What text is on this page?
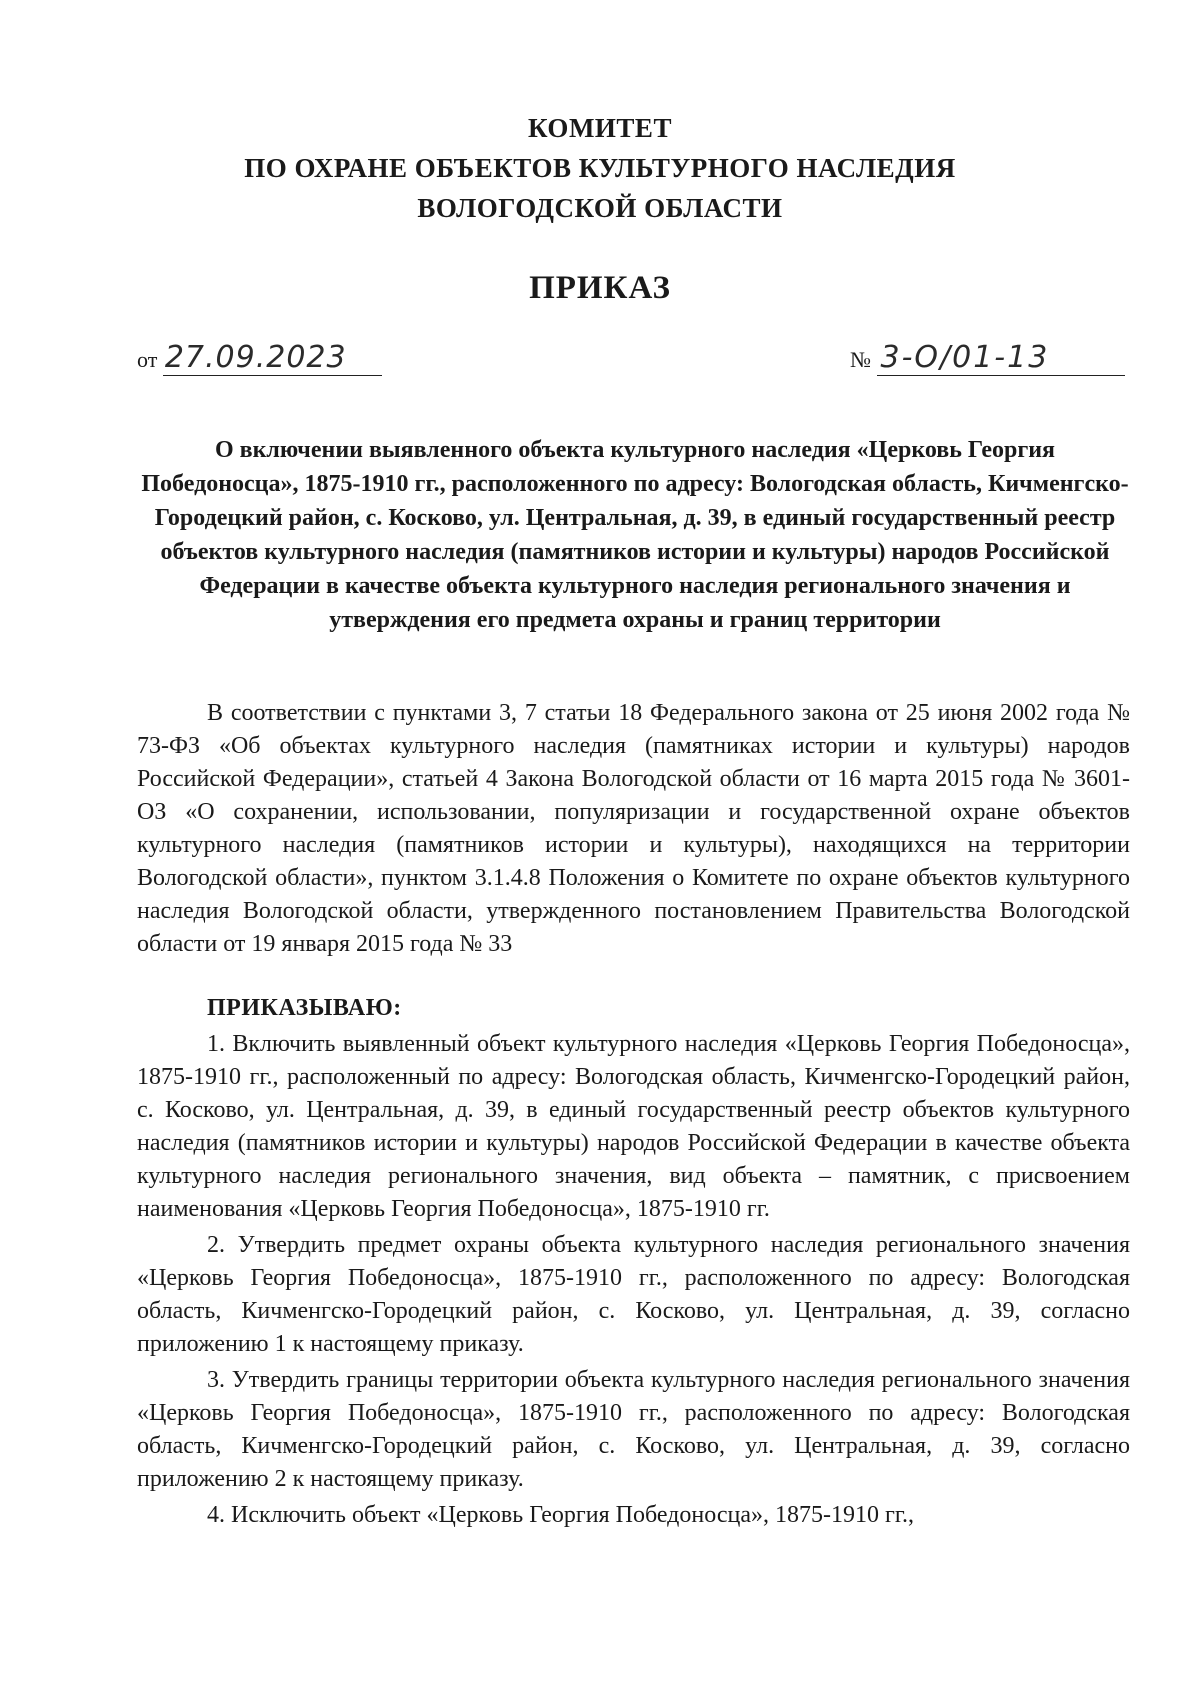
КОМИТЕТ
ПО ОХРАНЕ ОБЪЕКТОВ КУЛЬТУРНОГО НАСЛЕДИЯ
ВОЛОГОДСКОЙ ОБЛАСТИ
ПРИКАЗ
от 27.09.2023	№ 3-О/01-13
О включении выявленного объекта культурного наследия «Церковь Георгия Победоносца», 1875-1910 гг., расположенного по адресу: Вологодская область, Кичменгско-Городецкий район, с. Косково, ул. Центральная, д. 39, в единый государственный реестр объектов культурного наследия (памятников истории и культуры) народов Российской Федерации в качестве объекта культурного наследия регионального значения и утверждения его предмета охраны и границ территории
В соответствии с пунктами 3, 7 статьи 18 Федерального закона от 25 июня 2002 года № 73-ФЗ «Об объектах культурного наследия (памятниках истории и культуры) народов Российской Федерации», статьей 4 Закона Вологодской области от 16 марта 2015 года № 3601-ОЗ «О сохранении, использовании, популяризации и государственной охране объектов культурного наследия (памятников истории и культуры), находящихся на территории Вологодской области», пунктом 3.1.4.8 Положения о Комитете по охране объектов культурного наследия Вологодской области, утвержденного постановлением Правительства Вологодской области от 19 января 2015 года № 33
ПРИКАЗЫВАЮ:

1. Включить выявленный объект культурного наследия «Церковь Георгия Победоносца», 1875-1910 гг., расположенный по адресу: Вологодская область, Кичменгско-Городецкий район, с. Косково, ул. Центральная, д. 39, в единый государственный реестр объектов культурного наследия (памятников истории и культуры) народов Российской Федерации в качестве объекта культурного наследия регионального значения, вид объекта – памятник, с присвоением наименования «Церковь Георгия Победоносца», 1875-1910 гг.

2. Утвердить предмет охраны объекта культурного наследия регионального значения «Церковь Георгия Победоносца», 1875-1910 гг., расположенного по адресу: Вологодская область, Кичменгско-Городецкий район, с. Косково, ул. Центральная, д. 39, согласно приложению 1 к настоящему приказу.

3. Утвердить границы территории объекта культурного наследия регионального значения «Церковь Георгия Победоносца», 1875-1910 гг., расположенного по адресу: Вологодская область, Кичменгско-Городецкий район, с. Косково, ул. Центральная, д. 39, согласно приложению 2 к настоящему приказу.

4. Исключить объект «Церковь Георгия Победоносца», 1875-1910 гг.,
